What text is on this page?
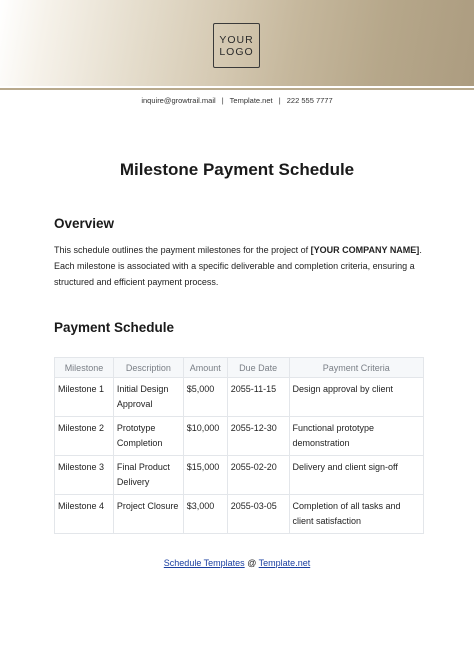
YOUR
LOGO
inquire@growtrail.mail | Template.net | 222 555 7777
Milestone Payment Schedule
Overview
This schedule outlines the payment milestones for the project of [YOUR COMPANY NAME]. Each milestone is associated with a specific deliverable and completion criteria, ensuring a structured and efficient payment process.
Payment Schedule
Milestone	Description	Amount	Due Date	Payment Criteria
Milestone 1	Initial Design Approval	$5,000	2055-11-15	Design approval by client
Milestone 2	Prototype Completion	$10,000	2055-12-30	Functional prototype demonstration
Milestone 3	Final Product Delivery	$15,000	2055-02-20	Delivery and client sign-off
Milestone 4	Project Closure	$3,000	2055-03-05	Completion of all tasks and client satisfaction
Schedule Templates @ Template.net
